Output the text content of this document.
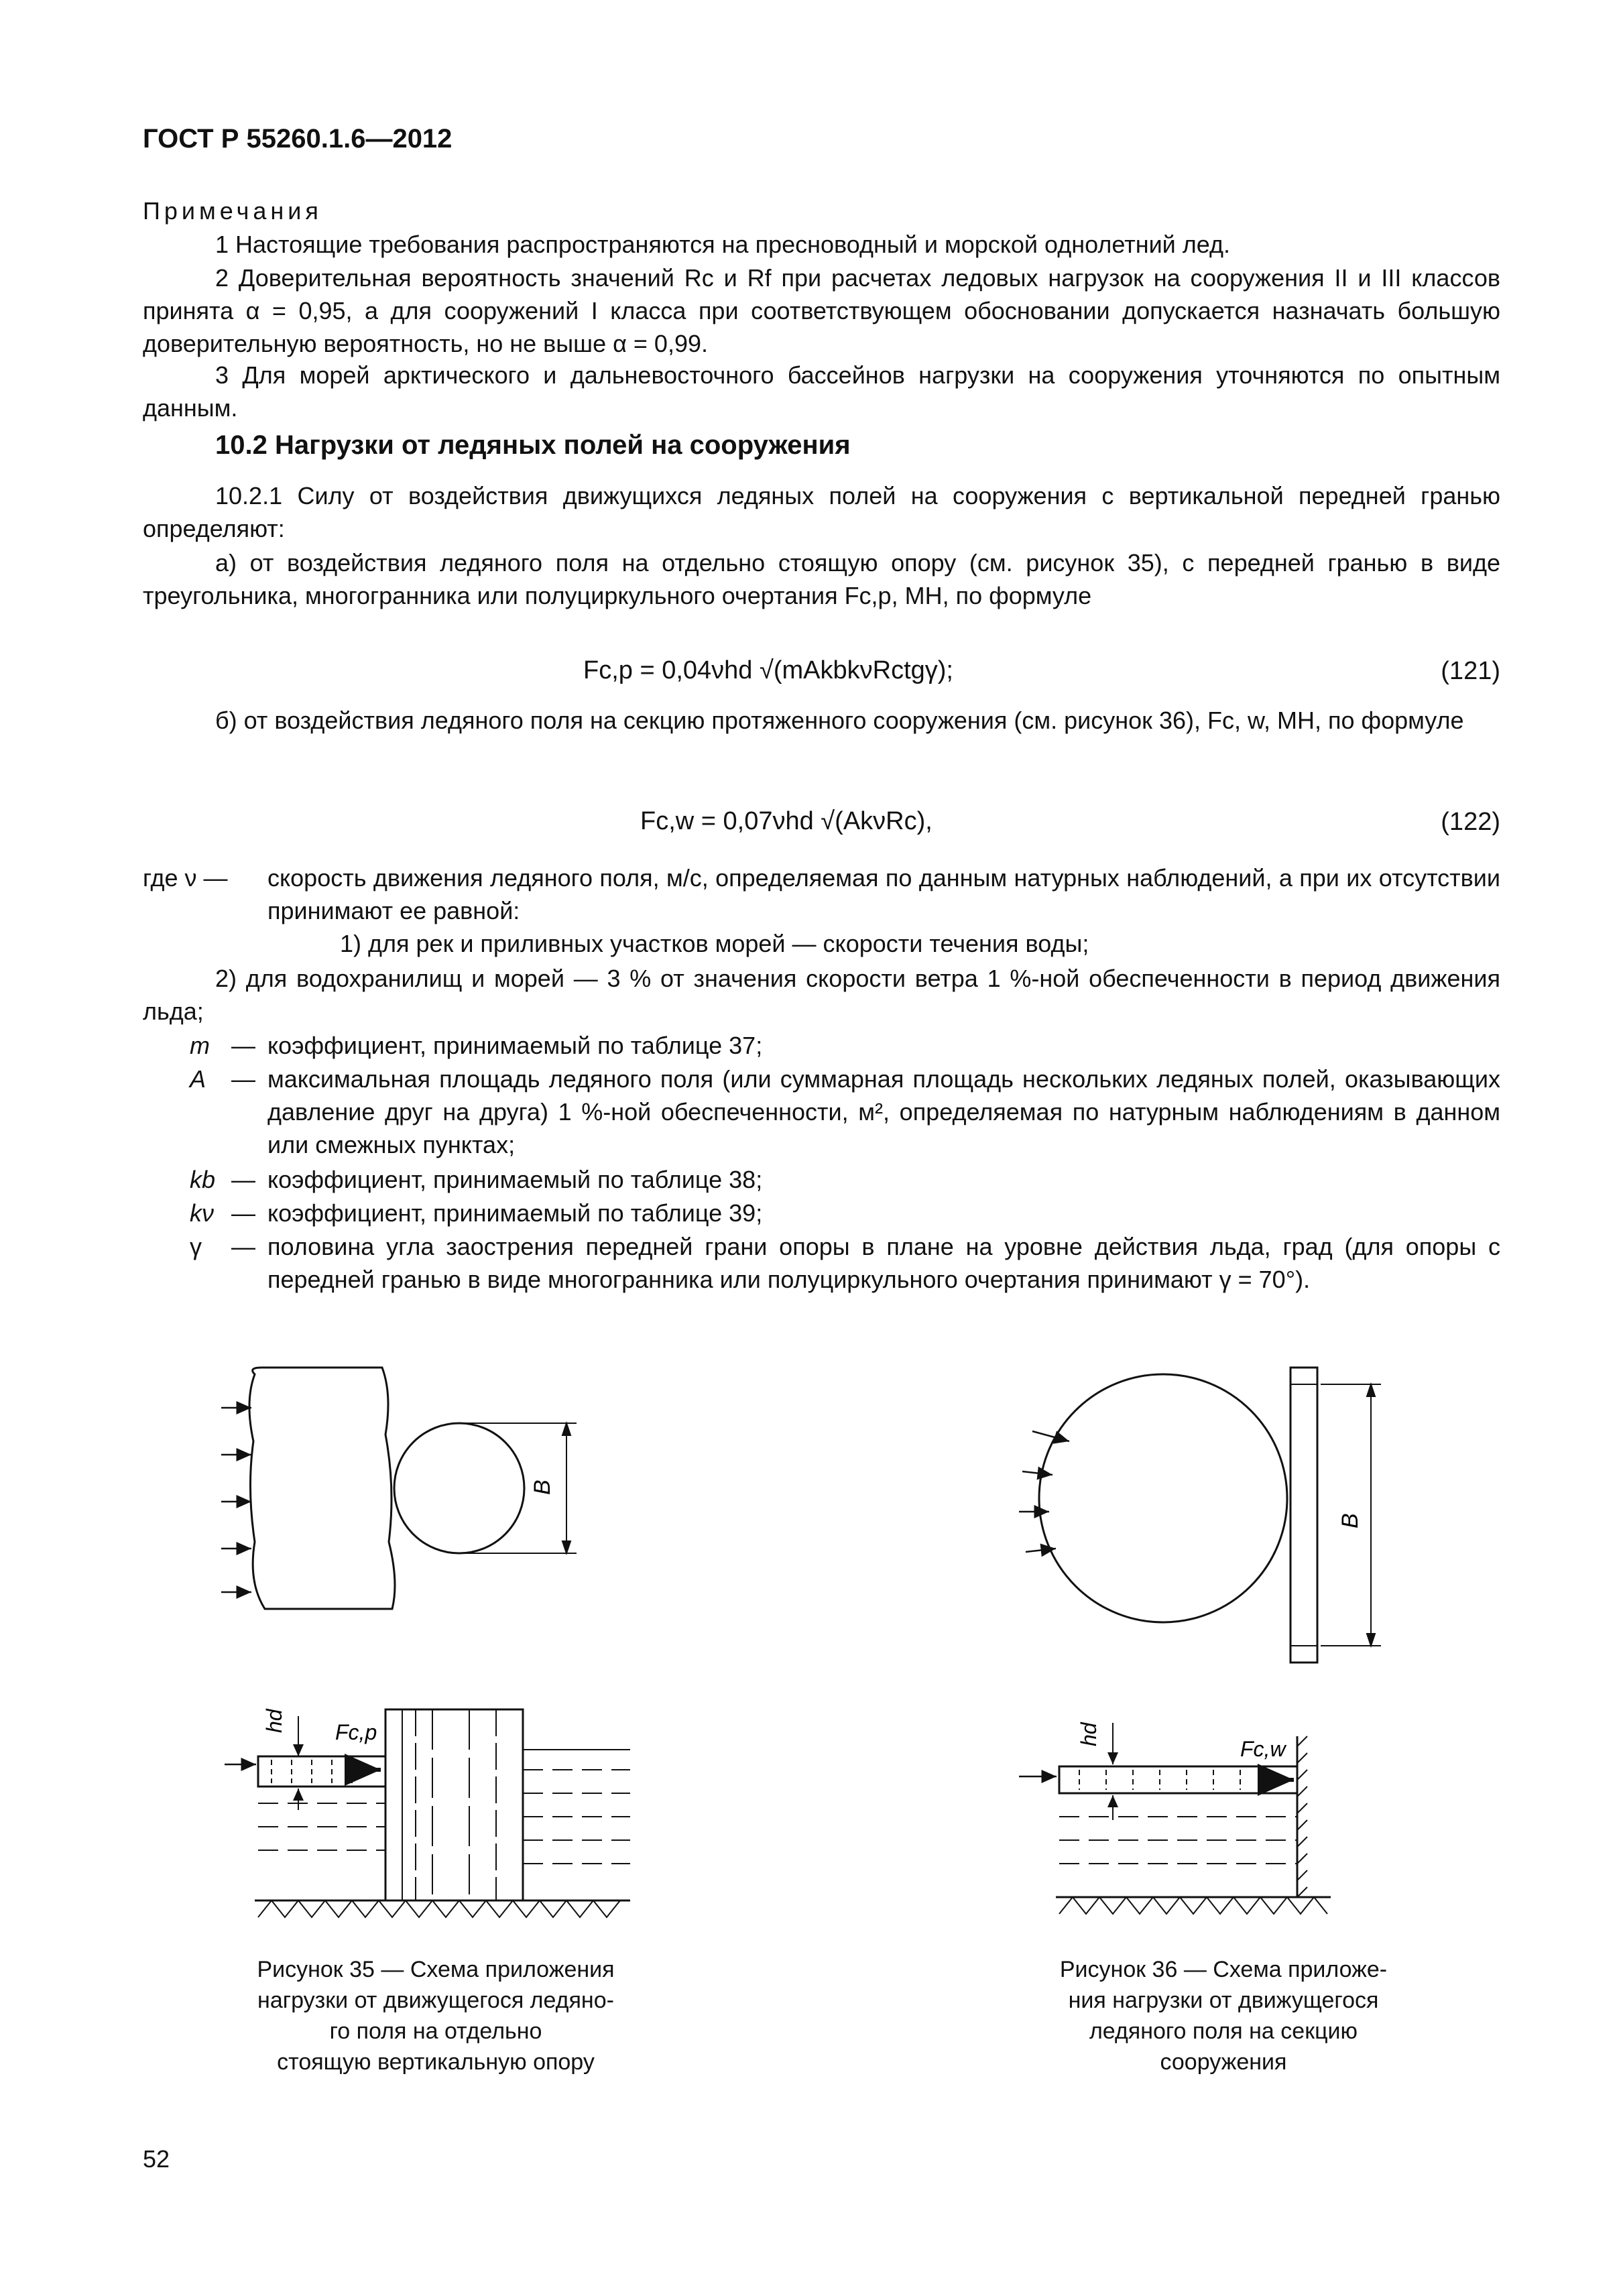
ГОСТ Р 55260.1.6—2012
Примечания
1 Настоящие требования распространяются на пресноводный и морской однолетний лед.
2 Доверительная вероятность значений Rc и Rf при расчетах ледовых нагрузок на сооружения II и III классов принята α = 0,95, а для сооружений I класса при соответствующем обосновании допускается назначать большую доверительную вероятность, но не выше α = 0,99.
3 Для морей арктического и дальневосточного бассейнов нагрузки на сооружения уточняются по опытным данным.
10.2 Нагрузки от ледяных полей на сооружения
10.2.1 Силу от воздействия движущихся ледяных полей на сооружения с вертикальной передней гранью определяют:
а) от воздействия ледяного поля на отдельно стоящую опору (см. рисунок 35), с передней гранью в виде треугольника, многогранника или полуциркульного очертания Fc,p, МН, по формуле
Fc,p = 0,04νhd √(mAkbkνRctgγ);	(121)
б) от воздействия ледяного поля на секцию протяженного сооружения (см. рисунок 36), Fc, w, МН, по формуле
Fc,w = 0,07νhd √(AkνRc),	(122)
где ν — скорость движения ледяного поля, м/с, определяемая по данным натурных наблюдений, а при их отсутствии принимают ее равной:
1) для рек и приливных участков морей — скорости течения воды;
2) для водохранилищ и морей — 3 % от значения скорости ветра 1 %-ной обеспеченности в период движения льда;
m — коэффициент, принимаемый по таблице 37;
A	— максимальная площадь ледяного поля (или суммарная площадь нескольких ледяных полей, оказывающих давление друг на друга) 1 %-ной обеспеченности, м², определяемая по натурным наблюдениям в данном или смежных пунктах;
kb — коэффициент, принимаемый по таблице 38;
kν — коэффициент, принимаемый по таблице 39;
γ	— половина угла заострения передней грани опоры в плане на уровне действия льда, град (для опоры с передней гранью в виде многогранника или полуциркульного очертания принимают γ = 70°).
B
hd Fc,p
Рисунок 35 — Схема приложения
нагрузки от движущегося ледяно-
го поля на отдельно
стоящую вертикальную опору
B
hd
Fc,w
Рисунок 36 — Схема приложе-
ния нагрузки от движущегося
ледяного поля на секцию
сооружения
52
